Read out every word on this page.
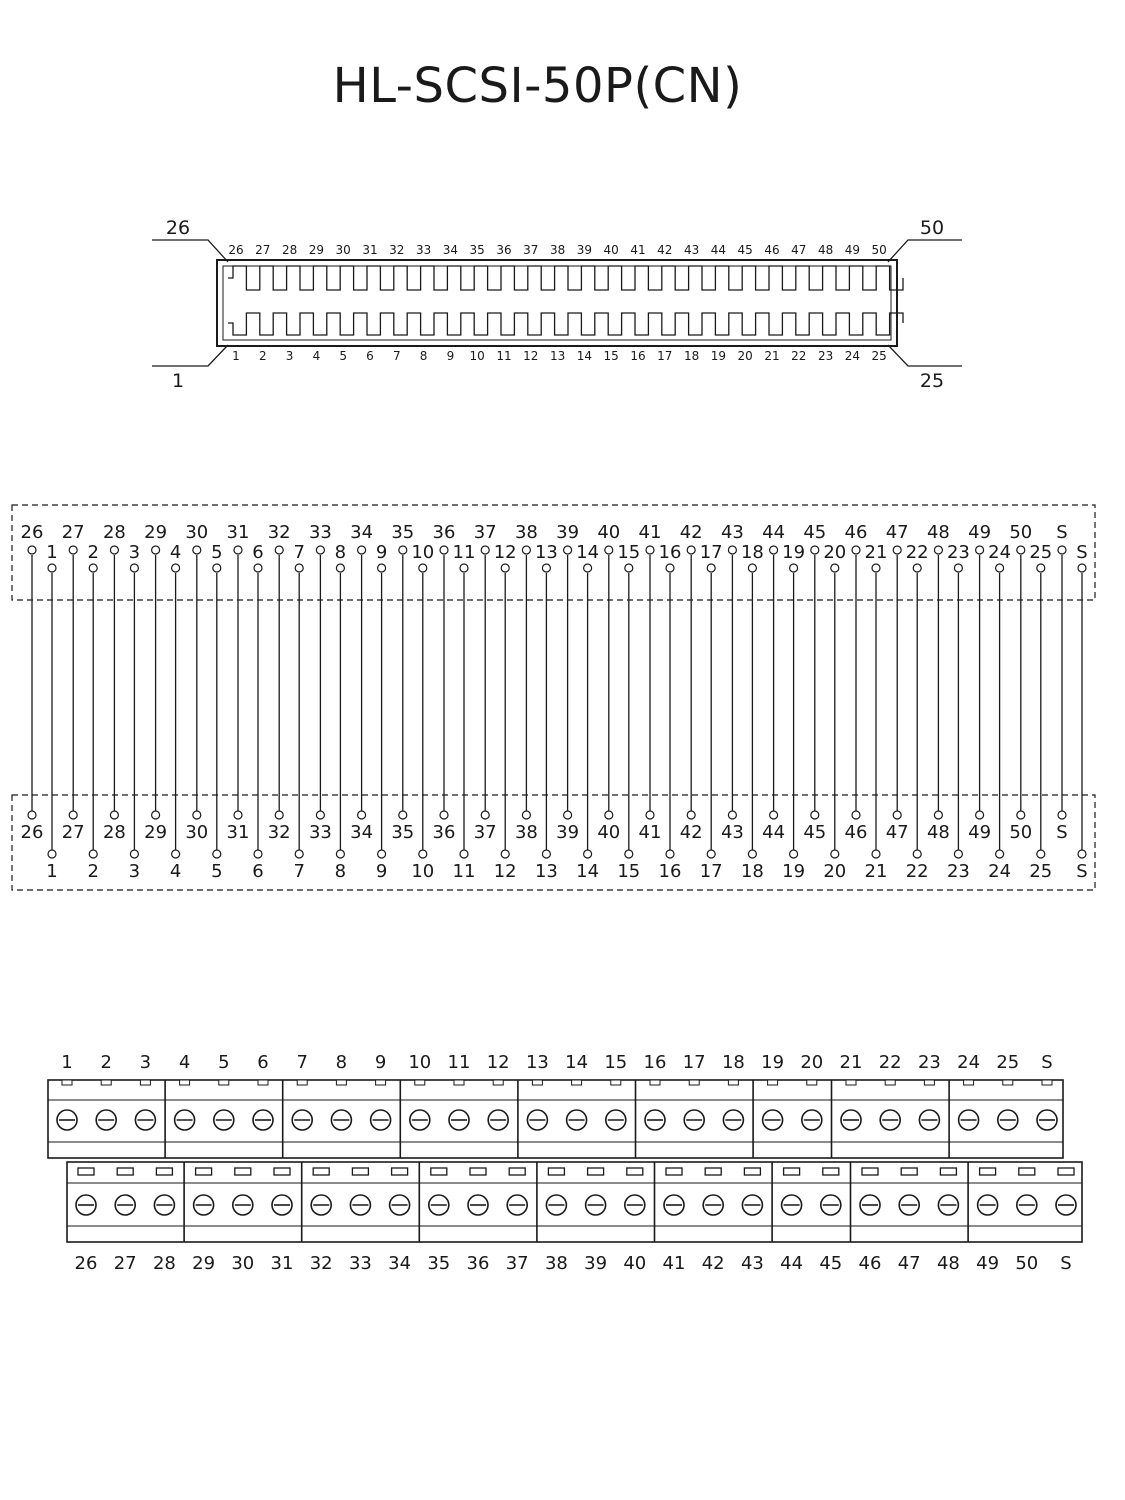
HL-SCSI-50P(CN)
26	50
1	25
26 27 28 29 30 31 32 33 34 35 36 37 38 39 40 41 42 43 44 45 46 47 48 49 50
1 2 3 4 5 6 7 8 9 10 11 12 13 14 15 16 17 18 19 20 21 22 23 24 25
26
1
26
1
27
2
27
2
28
3
28
3
29
4
29
4
30
5
30
5
31
6
31
6
32
7
32
7
33
8
33
8
34
9
34
9
35
10
35
10
36
11
36
11
37
12
37
12
38
13
38
13
39
14
39
14
40
15
40
15
41
16
41
16
42
17
42
17
43
18
43
18
44
19
44
19
45
20
45
20
46
21
46
21
47
22
47
22
48
23
48
23
49
24
49
24
50
25
50
25
S
S
S
S
1 2 3 4 5 6 7 8 9 10 11 12 13 14 15 16 17 18 19 20 21 22 23 24 25 S
26 27 28 29 30 31 32 33 34 35 36 37 38 39 40 41 42 43 44 45 46 47 48 49 50 S
